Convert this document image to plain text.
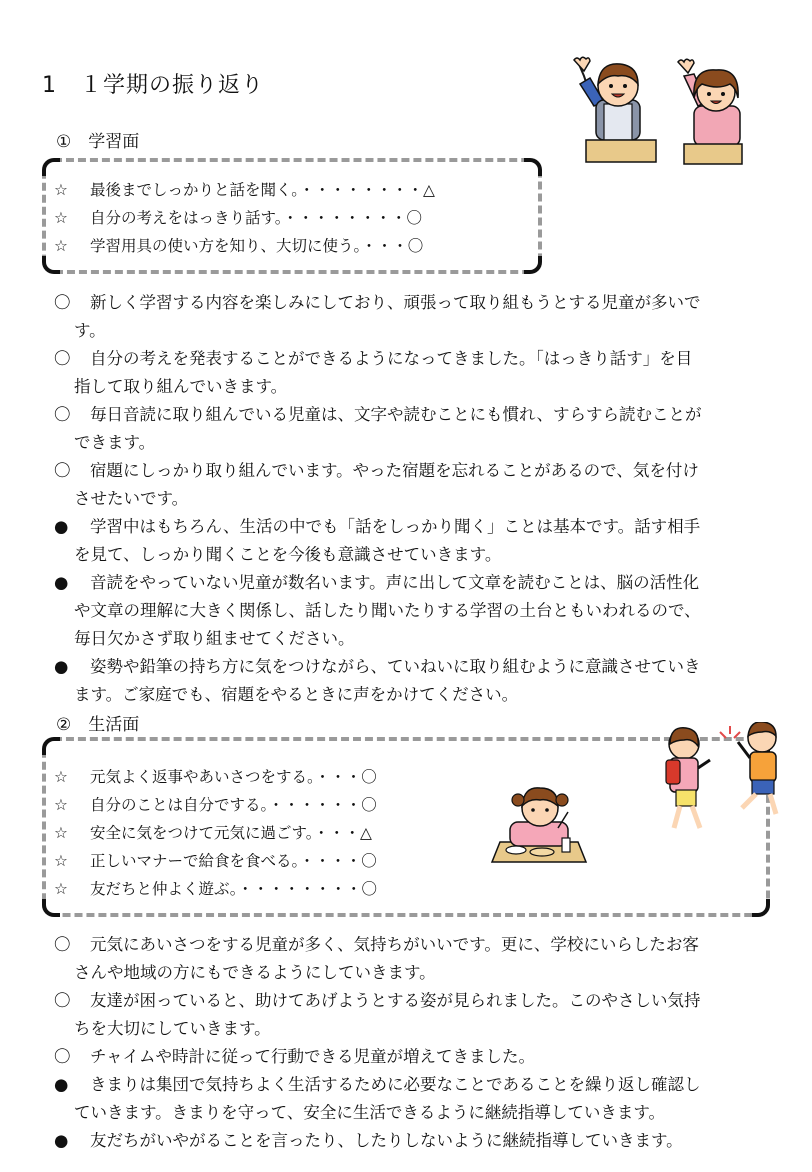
1　１学期の振り返り
①　学習面
☆ 最後までしっかりと話を聞く。・・・・・・・・△
☆ 自分の考えをはっきり話す。・・・・・・・・〇
☆ 学習用具の使い方を知り、大切に使う。・・・〇
〇 新しく学習する内容を楽しみにしており、頑張って取り組もうとする児童が多いで
す。
〇 自分の考えを発表することができるようになってきました。「はっきり話す」を目
指して取り組んでいきます。
〇 毎日音読に取り組んでいる児童は、文字や読むことにも慣れ、すらすら読むことが
できます。
〇 宿題にしっかり取り組んでいます。やった宿題を忘れることがあるので、気を付け
させたいです。
● 学習中はもちろん、生活の中でも「話をしっかり聞く」ことは基本です。話す相手
を見て、しっかり聞くことを今後も意識させていきます。
● 音読をやっていない児童が数名います。声に出して文章を読むことは、脳の活性化
や文章の理解に大きく関係し、話したり聞いたりする学習の土台ともいわれるので、
毎日欠かさず取り組ませてください。
● 姿勢や鉛筆の持ち方に気をつけながら、ていねいに取り組むように意識させていき
ます。ご家庭でも、宿題をやるときに声をかけてください。
②　生活面
☆ 元気よく返事やあいさつをする。・・・〇
☆ 自分のことは自分でする。・・・・・・〇
☆ 安全に気をつけて元気に過ごす。・・・△
☆ 正しいマナーで給食を食べる。・・・・〇
☆ 友だちと仲よく遊ぶ。・・・・・・・・〇
〇 元気にあいさつをする児童が多く、気持ちがいいです。更に、学校にいらしたお客
さんや地域の方にもできるようにしていきます。
〇 友達が困っていると、助けてあげようとする姿が見られました。このやさしい気持
ちを大切にしていきます。
〇 チャイムや時計に従って行動できる児童が増えてきました。
● きまりは集団で気持ちよく生活するために必要なことであることを繰り返し確認し
ていきます。きまりを守って、安全に生活できるように継続指導していきます。
● 友だちがいやがることを言ったり、したりしないように継続指導していきます。
